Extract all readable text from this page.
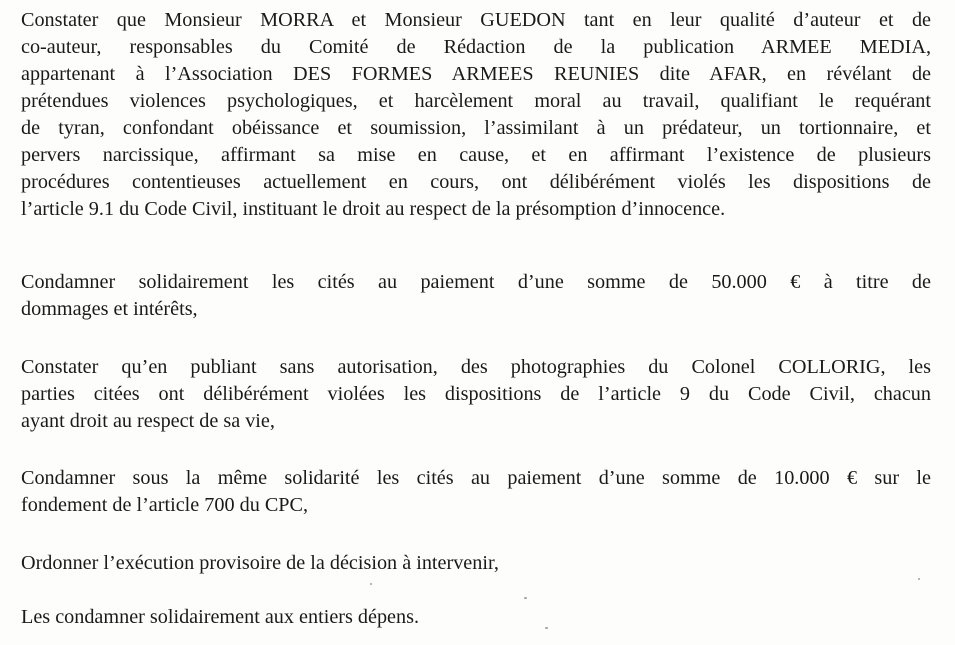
Constater que Monsieur MORRA et Monsieur GUEDON tant en leur qualité d’auteur et de
co-auteur, responsables du Comité de Rédaction de la publication ARMEE MEDIA,
appartenant à l’Association DES FORMES ARMEES REUNIES dite AFAR, en révélant de
prétendues violences psychologiques, et harcèlement moral au travail, qualifiant le requérant
de tyran, confondant obéissance et soumission, l’assimilant à un prédateur, un tortionnaire, et
pervers narcissique, affirmant sa mise en cause, et en affirmant l’existence de plusieurs
procédures contentieuses actuellement en cours, ont délibérément violés les dispositions de
l’article 9.1 du Code Civil, instituant le droit au respect de la présomption d’innocence.
Condamner solidairement les cités au paiement d’une somme de 50.000 € à titre de
dommages et intérêts,
Constater qu’en publiant sans autorisation, des photographies du Colonel COLLORIG, les
parties citées ont délibérément violées les dispositions de l’article 9 du Code Civil, chacun
ayant droit au respect de sa vie,
Condamner sous la même solidarité les cités au paiement d’une somme de 10.000 € sur le
fondement de l’article 700 du CPC,
Ordonner l’exécution provisoire de la décision à intervenir,
Les condamner solidairement aux entiers dépens.
